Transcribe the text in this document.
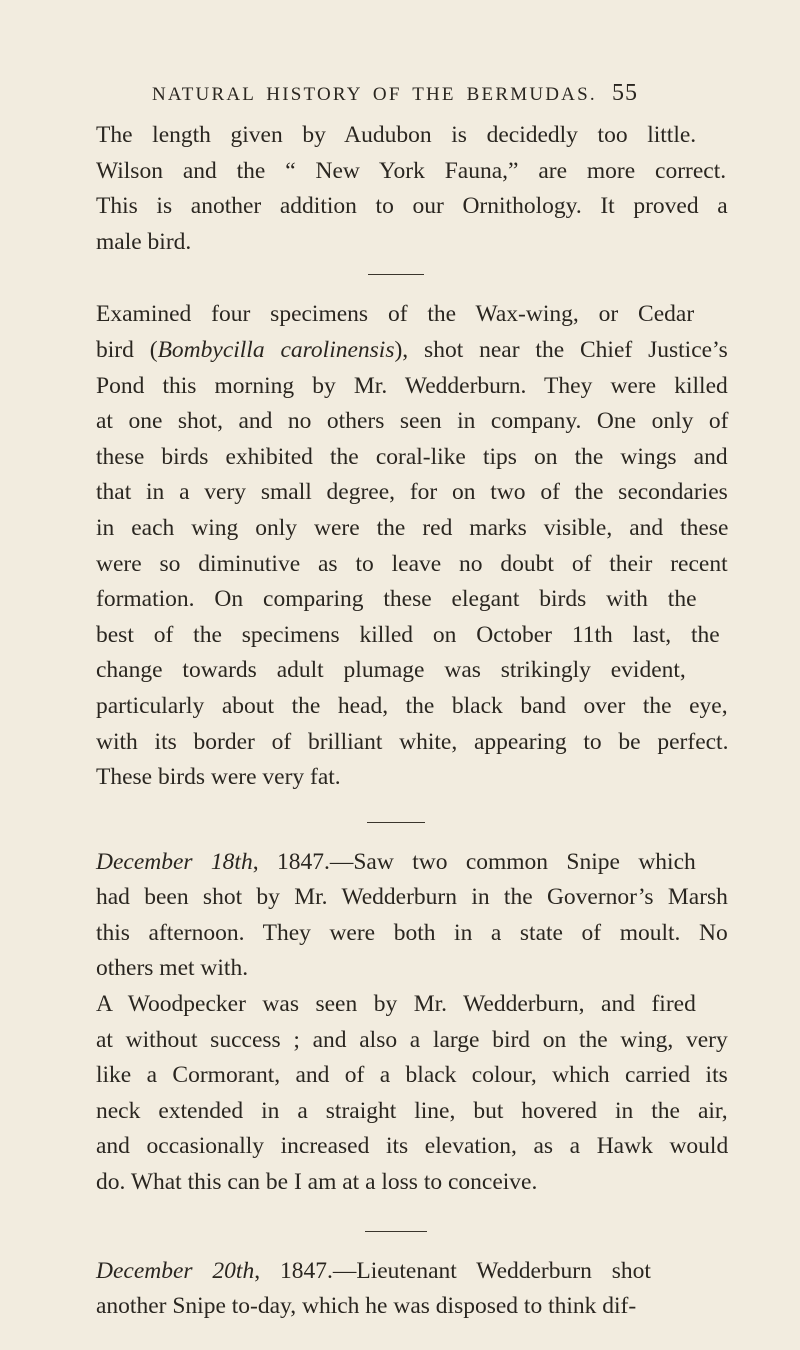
NATURAL HISTORY OF THE BERMUDAS. 55

The length given by Audubon is decidedly too little.
Wilson and the “ New York Fauna,” are more correct.
This is another addition to our Ornithology. It proved a
male bird.

Examined four specimens of the Wax-wing, or Cedar
bird (Bombycilla carolinensis), shot near the Chief Justice’s
Pond this morning by Mr. Wedderburn. They were killed
at one shot, and no others seen in company. One only of
these birds exhibited the coral-like tips on the wings and
that in a very small degree, for on two of the secondaries
in each wing only were the red marks visible, and these
were so diminutive as to leave no doubt of their recent
formation. On comparing these elegant birds with the
best of the specimens killed on October 11th last, the
change towards adult plumage was strikingly evident,
particularly about the head, the black band over the eye,
with its border of brilliant white, appearing to be perfect.
These birds were very fat.

December 18th, 1847.—Saw two common Snipe which
had been shot by Mr. Wedderburn in the Governor’s Marsh
this afternoon. They were both in a state of moult. No
others met with.

A Woodpecker was seen by Mr. Wedderburn, and fired
at without success ; and also a large bird on the wing, very
like a Cormorant, and of a black colour, which carried its
neck extended in a straight line, but hovered in the air,
and occasionally increased its elevation, as a Hawk would
do. What this can be I am at a loss to conceive.

December 20th, 1847.—Lieutenant Wedderburn shot
another Snipe to-day, which he was disposed to think dif-
